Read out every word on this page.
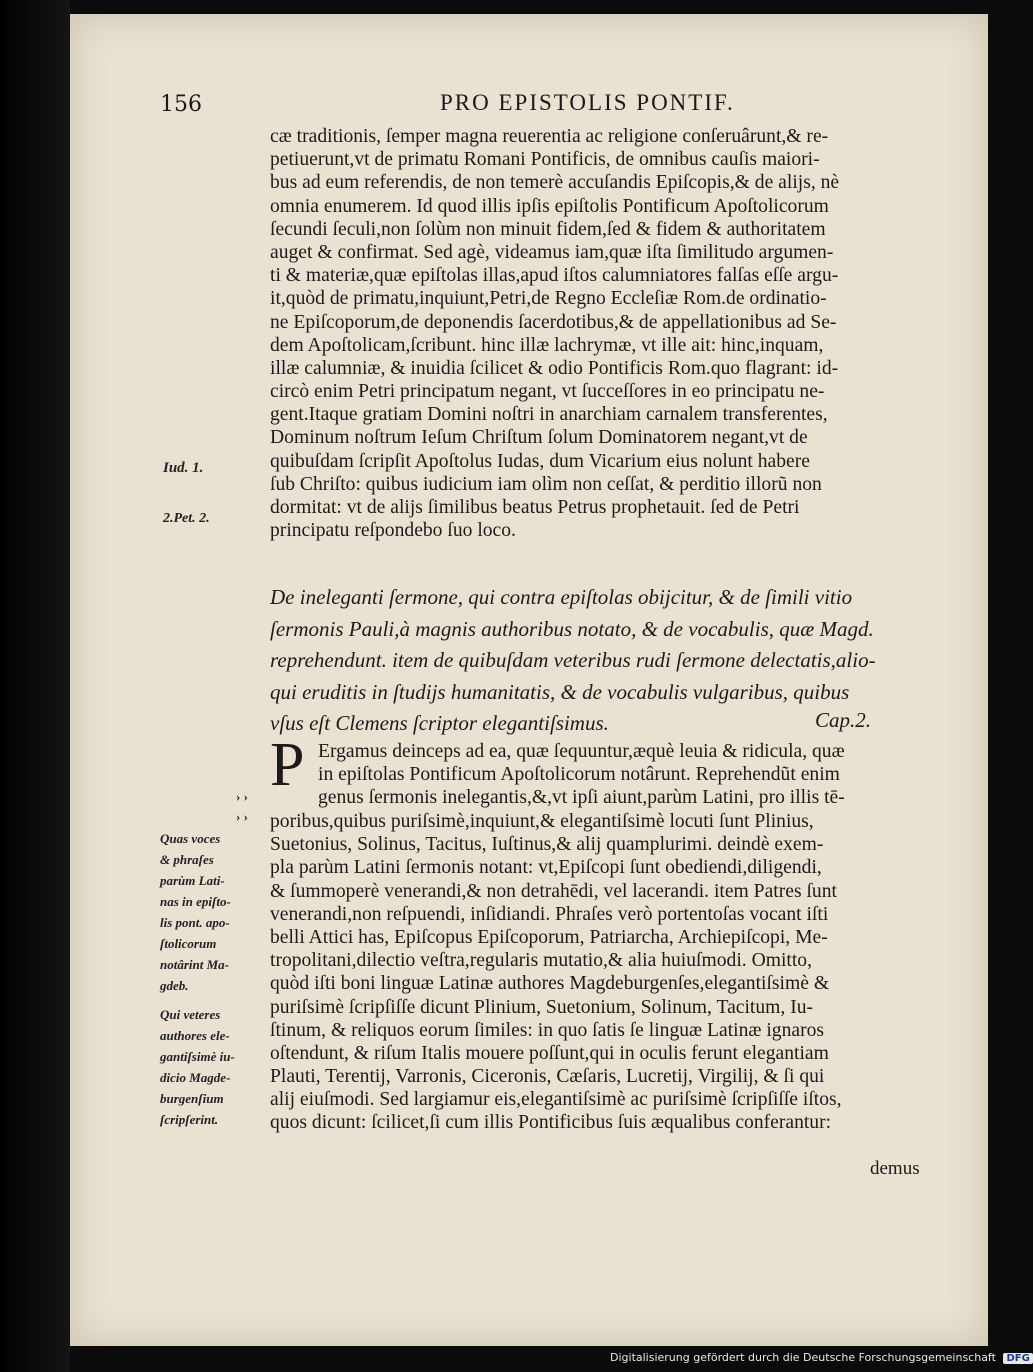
156	PRO EPISTOLIS PONTIF.
cæ traditionis, ſemper magna reuerentia ac religione conſeruârunt,& re-
petiuerunt,vt de primatu Romani Pontificis, de omnibus cauſis maiori-
bus ad eum referendis, de non temerè accuſandis Epiſcopis,& de alijs, nè
omnia enumerem. Id quod illis ipſis epiſtolis Pontificum Apoſtolicorum
ſecundi ſeculi,non ſolùm non minuit fidem,ſed & fidem & authoritatem
auget & confirmat. Sed agè, videamus iam,quæ iſta ſimilitudo argumen-
ti & materiæ,quæ epiſtolas illas,apud iſtos calumniatores falſas eſſe argu-
it,quòd de primatu,inquiunt,Petri,de Regno Eccleſiæ Rom.de ordinatio-
ne Epiſcoporum,de deponendis ſacerdotibus,& de appellationibus ad Se-
dem Apoſtolicam,ſcribunt. hinc illæ lachrymæ, vt ille ait: hinc,inquam,
illæ calumniæ, & inuidia ſcilicet & odio Pontificis Rom.quo flagrant: id-
circò enim Petri principatum negant, vt ſucceſſores in eo principatu ne-
gent.Itaque gratiam Domini noſtri in anarchiam carnalem transferentes,
Dominum noſtrum Ieſum Chriſtum ſolum Dominatorem negant,vt de
quibuſdam ſcripſit Apoſtolus Iudas, dum Vicarium eius nolunt habere
ſub Chriſto: quibus iudicium iam olìm non ceſſat, & perditio illorũ non
dormitat: vt de alijs ſimilibus beatus Petrus prophetauit. ſed de Petri
principatu reſpondebo ſuo loco.
Iud. 1.
2.Pet. 2.
De ineleganti ſermone, qui contra epiſtolas obijcitur, & de ſimili vitio
ſermonis Pauli,à magnis authoribus notato, & de vocabulis, quæ Magd.
reprehendunt. item de quibuſdam veteribus rudi ſermone delectatis,alio-
qui eruditis in ſtudijs humanitatis, & de vocabulis vulgaribus, quibus
vſus eſt Clemens ſcriptor elegantiſsimus.	Cap.2.
P Ergamus deinceps ad ea, quæ ſequuntur,æquè leuia & ridicula, quæ
in epiſtolas Pontificum Apoſtolicorum notârunt. Reprehendũt enim
genus ſermonis inelegantis,&,vt ipſi aiunt,parùm Latini, pro illis tē-
poribus,quibus puriſsimè,inquiunt,& elegantiſsimè locuti ſunt Plinius,
Suetonius, Solinus, Tacitus, Iuſtinus,& alij quamplurimi. deindè exem-
pla parùm Latini ſermonis notant: vt,Epiſcopi ſunt obediendi,diligendi,
& ſummoperè venerandi,& non detrahēdi, vel lacerandi. item Patres ſunt
venerandi,non reſpuendi, inſidiandi. Phraſes verò portentoſas vocant iſti
belli Attici has, Epiſcopus Epiſcoporum, Patriarcha, Archiepiſcopi, Me-
tropolitani,dilectio veſtra,regularis mutatio,& alia huiuſmodi. Omitto,
quòd iſti boni linguæ Latinæ authores Magdeburgenſes,elegantiſsimè &
puriſsimè ſcripſiſſe dicunt Plinium, Suetonium, Solinum, Tacitum, Iu-
ſtinum, & reliquos eorum ſimiles: in quo ſatis ſe linguæ Latinæ ignaros
oſtendunt, & riſum Italis mouere poſſunt,qui in oculis ferunt elegantiam
Plauti, Terentij, Varronis, Ciceronis, Cæſaris, Lucretij, Virgilij, & ſi qui
alij eiuſmodi. Sed largiamur eis,elegantiſsimè ac puriſsimè ſcripſiſſe iſtos,
quos dicunt: ſcilicet,ſi cum illis Pontificibus ſuis æqualibus conferantur:
› ›
› ›
Quas voces
& phraſes
parùm Lati-
nas in epiſto-
lis pont. apo-
ſtolicorum
notârint Ma-
gdeb.
Qui veteres
authores ele-
gantiſsimè iu-
dicio Magde-
burgenſium
ſcripſerint.
demus
Digitalisierung gefördert durch die Deutsche Forschungsgemeinschaft DFG
